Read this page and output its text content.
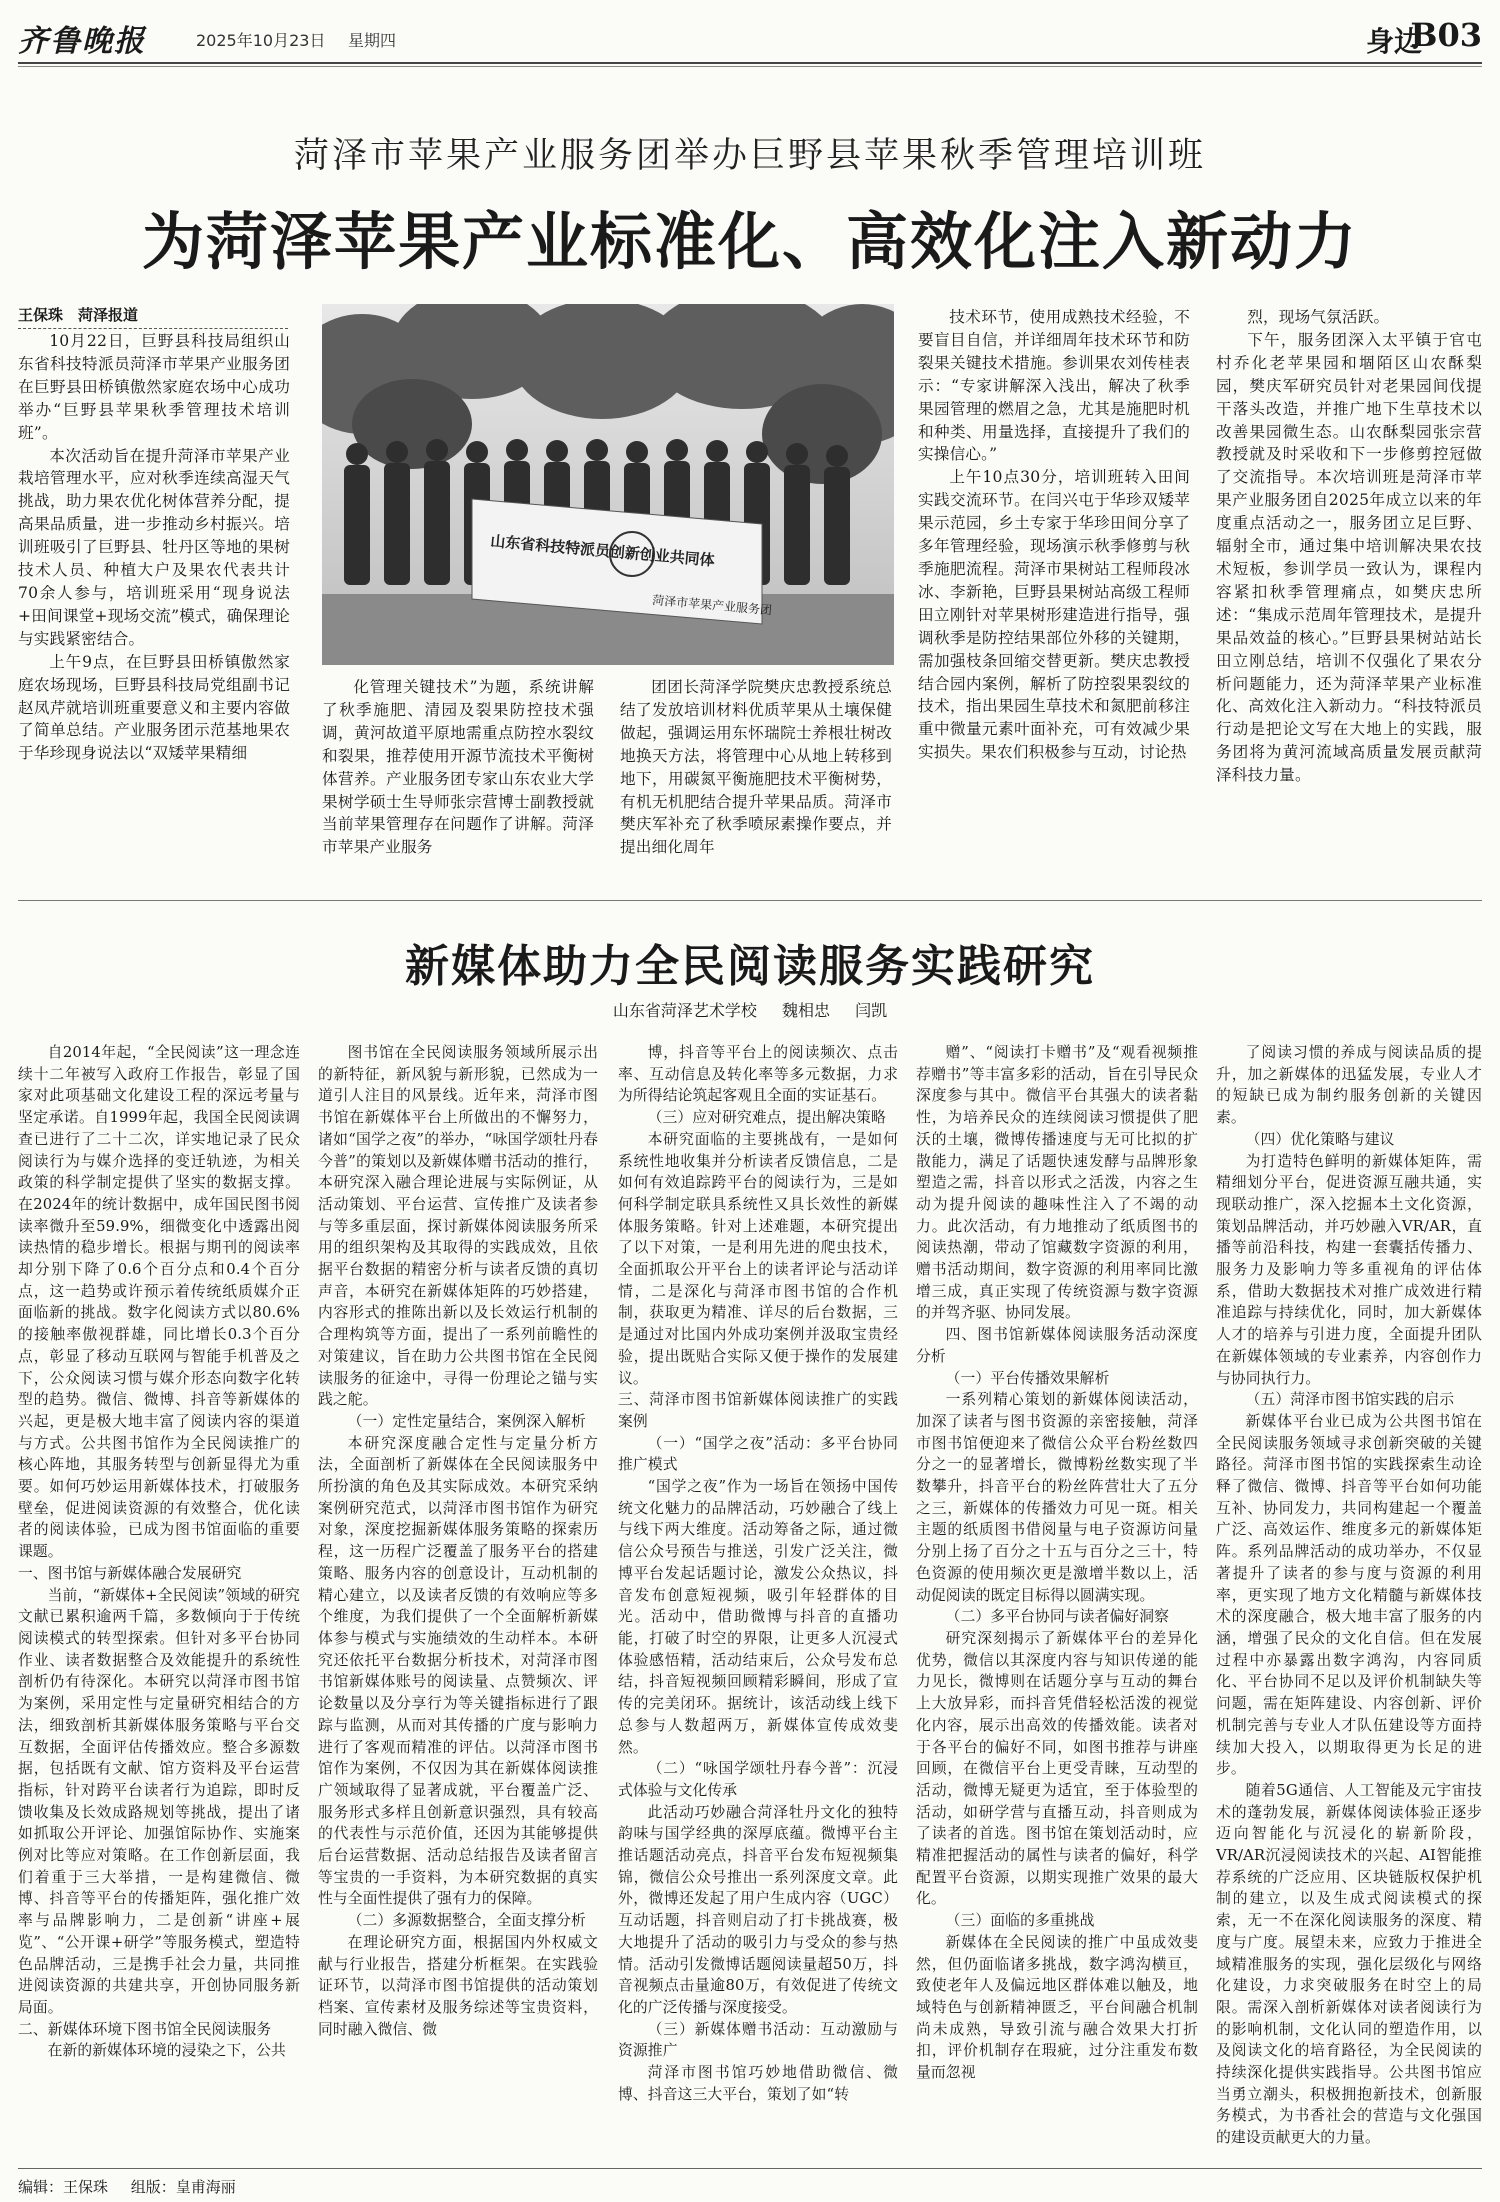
齐鲁晚报	2025年10月23日 星期四	身边
B03
菏泽市苹果产业服务团举办巨野县苹果秋季管理培训班
为菏泽苹果产业标准化、高效化注入新动力
王保珠　菏泽报道
山东省科技特派员创新创业共同体
菏泽市苹果产业服务团

10月22日，巨野县科技局组织山东省科技特派员菏泽市苹果产业服务团在巨野县田桥镇傲然家庭农场中心成功举办“巨野县苹果秋季管理技术培训班”。

本次活动旨在提升菏泽市苹果产业栽培管理水平，应对秋季连续高湿天气挑战，助力果农优化树体营养分配，提高果品质量，进一步推动乡村振兴。培训班吸引了巨野县、牡丹区等地的果树技术人员、种植大户及果农代表共计70余人参与，培训班采用“现身说法+田间课堂+现场交流”模式，确保理论与实践紧密结合。

上午9点，在巨野县田桥镇傲然家庭农场现场，巨野县科技局党组副书记赵凤芹就培训班重要意义和主要内容做了简单总结。产业服务团示范基地果农于华珍现身说法以“双矮苹果精细

化管理关键技术”为题，系统讲解了秋季施肥、清园及裂果防控技术强调，黄河故道平原地需重点防控水裂纹和裂果，推荐使用开源节流技术平衡树体营养。产业服务团专家山东农业大学果树学硕士生导师张宗营博士副教授就当前苹果管理存在问题作了讲解。菏泽市苹果产业服务

团团长菏泽学院樊庆忠教授系统总结了发放培训材料优质苹果从土壤保健做起，强调运用东怀瑞院士养根壮树改地换天方法，将管理中心从地上转移到地下，用碳氮平衡施肥技术平衡树势，有机无机肥结合提升苹果品质。菏泽市樊庆军补充了秋季喷尿素操作要点，并提出细化周年

技术环节，使用成熟技术经验，不要盲目自信，并详细周年技术环节和防裂果关键技术措施。参训果农刘传桂表示：“专家讲解深入浅出，解决了秋季果园管理的燃眉之急，尤其是施肥时机和种类、用量选择，直接提升了我们的实操信心。”

上午10点30分，培训班转入田间实践交流环节。在闫兴屯于华珍双矮苹果示范园，乡土专家于华珍田间分享了多年管理经验，现场演示秋季修剪与秋季施肥流程。菏泽市果树站工程师段冰冰、李新艳，巨野县果树站高级工程师田立刚针对苹果树形建造进行指导，强调秋季是防控结果部位外移的关键期，需加强枝条回缩交替更新。樊庆忠教授结合园内案例，解析了防控裂果裂纹的技术，指出果园生草技术和氮肥前移注重中微量元素叶面补充，可有效减少果实损失。果农们积极参与互动，讨论热

烈，现场气氛活跃。

下午，服务团深入太平镇于官屯村乔化老苹果园和堌陌区山农酥梨园，樊庆军研究员针对老果园间伐提干落头改造，并推广地下生草技术以改善果园微生态。山农酥梨园张宗营教授就及时采收和下一步修剪控冠做了交流指导。本次培训班是菏泽市苹果产业服务团自2025年成立以来的年度重点活动之一，服务团立足巨野、辐射全市，通过集中培训解决果农技术短板，参训学员一致认为，课程内容紧扣秋季管理痛点，如樊庆忠所述：“集成示范周年管理技术，是提升果品效益的核心。”巨野县果树站站长田立刚总结，培训不仅强化了果农分析问题能力，还为菏泽苹果产业标准化、高效化注入新动力。“科技特派员行动是把论文写在大地上的实践，服务团将为黄河流域高质量发展贡献菏泽科技力量。

新媒体助力全民阅读服务实践研究
山东省菏泽艺术学校 魏相忠 闫凯

自2014年起，“全民阅读”这一理念连续十二年被写入政府工作报告，彰显了国家对此项基础文化建设工程的深远考量与坚定承诺。自1999年起，我国全民阅读调查已进行了二十二次，详实地记录了民众阅读行为与媒介选择的变迁轨迹，为相关政策的科学制定提供了坚实的数据支撑。在2024年的统计数据中，成年国民图书阅读率微升至59.9%，细微变化中透露出阅读热情的稳步增长。根据与期刊的阅读率却分别下降了0.6个百分点和0.4个百分点，这一趋势或许预示着传统纸质媒介正面临新的挑战。数字化阅读方式以80.6%的接触率傲视群雄，同比增长0.3个百分点，彰显了移动互联网与智能手机普及之下，公众阅读习惯与媒介形态向数字化转型的趋势。微信、微博、抖音等新媒体的兴起，更是极大地丰富了阅读内容的渠道与方式。公共图书馆作为全民阅读推广的核心阵地，其服务转型与创新显得尤为重要。如何巧妙运用新媒体技术，打破服务壁垒，促进阅读资源的有效整合，优化读者的阅读体验，已成为图书馆面临的重要课题。

一、图书馆与新媒体融合发展研究

当前，“新媒体+全民阅读”领域的研究文献已累积逾两千篇，多数倾向于于传统阅读模式的转型探索。但针对多平台协同作业、读者数据整合及效能提升的系统性剖析仍有待深化。本研究以菏泽市图书馆为案例，采用定性与定量研究相结合的方法，细致剖析其新媒体服务策略与平台交互数据，全面评估传播效应。整合多源数据，包括既有文献、馆方资料及平台运营指标，针对跨平台读者行为追踪，即时反馈收集及长效成路规划等挑战，提出了诸如抓取公开评论、加强馆际协作、实施案例对比等应对策略。在工作创新层面，我们着重于三大举措，一是构建微信、微博、抖音等平台的传播矩阵，强化推广效率与品牌影响力，二是创新“讲座+展览”、“公开课+研学”等服务模式，塑造特色品牌活动，三是携手社会力量，共同推进阅读资源的共建共享，开创协同服务新局面。

二、新媒体环境下图书馆全民阅读服务

在新的新媒体环境的浸染之下，公共

图书馆在全民阅读服务领域所展示出的新特征，新风貌与新形貌，已然成为一道引人注目的风景线。近年来，菏泽市图书馆在新媒体平台上所做出的不懈努力，诸如“国学之夜”的举办，“咏国学颂牡丹春今普”的策划以及新媒体赠书活动的推行，本研究深入融合理论进展与实际例证，从活动策划、平台运营、宣传推广及读者参与等多重层面，探讨新媒体阅读服务所采用的组织架构及其取得的实践成效，且依据平台数据的精密分析与读者反馈的真切声音，本研究在新媒体矩阵的巧妙搭建，内容形式的推陈出新以及长效运行机制的合理构筑等方面，提出了一系列前瞻性的对策建议，旨在助力公共图书馆在全民阅读服务的征途中，寻得一份理论之锚与实践之舵。

（一）定性定量结合，案例深入解析

本研究深度融合定性与定量分析方法，全面剖析了新媒体在全民阅读服务中所扮演的角色及其实际成效。本研究采纳案例研究范式，以菏泽市图书馆作为研究对象，深度挖掘新媒体服务策略的探索历程，这一历程广泛覆盖了服务平台的搭建策略、服务内容的创意设计，互动机制的精心建立，以及读者反馈的有效响应等多个维度，为我们提供了一个全面解析新媒体参与模式与实施绩效的生动样本。本研究还依托平台数据分析技术，对菏泽市图书馆新媒体账号的阅读量、点赞频次、评论数量以及分享行为等关键指标进行了跟踪与监测，从而对其传播的广度与影响力进行了客观而精准的评估。以菏泽市图书馆作为案例，不仅因为其在新媒体阅读推广领域取得了显著成就，平台覆盖广泛、服务形式多样且创新意识强烈，具有较高的代表性与示范价值，还因为其能够提供后台运营数据、活动总结报告及读者留言等宝贵的一手资料，为本研究数据的真实性与全面性提供了强有力的保障。

（二）多源数据整合，全面支撑分析

在理论研究方面，根据国内外权威文献与行业报告，搭建分析框架。在实践验证环节，以菏泽市图书馆提供的活动策划档案、宣传素材及服务综述等宝贵资料，同时融入微信、微

博，抖音等平台上的阅读频次、点击率、互动信息及转化率等多元数据，力求为所得结论筑起客观且全面的实证基石。

（三）应对研究难点，提出解决策略

本研究面临的主要挑战有，一是如何系统性地收集并分析读者反馈信息，二是如何有效追踪跨平台的阅读行为，三是如何科学制定联具系统性又具长效性的新媒体服务策略。针对上述难题，本研究提出了以下对策，一是利用先进的爬虫技术，全面抓取公开平台上的读者评论与活动详情，二是深化与菏泽市图书馆的合作机制，获取更为精准、详尽的后台数据，三是通过对比国内外成功案例并汲取宝贵经验，提出既贴合实际又便于操作的发展建议。

三、菏泽市图书馆新媒体阅读推广的实践案例

（一）“国学之夜”活动：多平台协同推广模式

“国学之夜”作为一场旨在领扬中国传统文化魅力的品牌活动，巧妙融合了线上与线下两大维度。活动筹备之际，通过微信公众号预告与推送，引发广泛关注，微博平台发起话题讨论，激发公众热议，抖音发布创意短视频，吸引年轻群体的目光。活动中，借助微博与抖音的直播功能，打破了时空的界限，让更多人沉浸式体验感悟精，活动结束后，公众号发布总结，抖音短视频回顾精彩瞬间，形成了宣传的完美闭环。据统计，该活动线上线下总参与人数超两万，新媒体宣传成效斐然。

（二）“咏国学颂牡丹春今普”：沉浸式体验与文化传承

此活动巧妙融合菏泽牡丹文化的独特韵味与国学经典的深厚底蕴。微博平台主推话题活动亮点，抖音平台发布短视频集锦，微信公众号推出一系列深度文章。此外，微博还发起了用户生成内容（UGC）互动话题，抖音则启动了打卡挑战赛，极大地提升了活动的吸引力与受众的参与热情。活动引发微博话题阅读量超50万，抖音视频点击量逾80万，有效促进了传统文化的广泛传播与深度接受。

（三）新媒体赠书活动：互动激励与资源推广

菏泽市图书馆巧妙地借助微信、微博、抖音这三大平台，策划了如“转

赠”、“阅读打卡赠书”及“观看视频推荐赠书”等丰富多彩的活动，旨在引导民众深度参与其中。微信平台其强大的读者黏性，为培养民众的连续阅读习惯提供了肥沃的土壤，微博传播速度与无可比拟的扩散能力，满足了话题快速发酵与品牌形象塑造之需，抖音以形式之活泼，内容之生动为提升阅读的趣味性注入了不竭的动力。此次活动，有力地推动了纸质图书的阅读热潮，带动了馆藏数字资源的利用，赠书活动期间，数字资源的利用率同比激增三成，真正实现了传统资源与数字资源的并驾齐驱、协同发展。

四、图书馆新媒体阅读服务活动深度分析

（一）平台传播效果解析

一系列精心策划的新媒体阅读活动，加深了读者与图书资源的亲密接触，菏泽市图书馆便迎来了微信公众平台粉丝数四分之一的显著增长，微博粉丝数实现了半数攀升，抖音平台的粉丝阵营壮大了五分之三，新媒体的传播效力可见一斑。相关主题的纸质图书借阅量与电子资源访问量分别上扬了百分之十五与百分之三十，特色资源的使用频次更是激增半数以上，活动促阅读的既定目标得以圆满实现。

（二）多平台协同与读者偏好洞察

研究深刻揭示了新媒体平台的差异化优势，微信以其深度内容与知识传递的能力见长，微博则在话题分享与互动的舞台上大放异彩，而抖音凭借轻松活泼的视觉化内容，展示出高效的传播效能。读者对于各平台的偏好不同，如图书推荐与讲座回顾，在微信平台上更受青睐，互动型的活动，微博无疑更为适宜，至于体验型的活动，如研学营与直播互动，抖音则成为了读者的首选。图书馆在策划活动时，应精准把握活动的属性与读者的偏好，科学配置平台资源，以期实现推广效果的最大化。

（三）面临的多重挑战

新媒体在全民阅读的推广中虽成效斐然，但仍面临诸多挑战，数字鸿沟横亘，致使老年人及偏远地区群体难以触及，地域特色与创新精神匮乏，平台间融合机制尚未成熟，导致引流与融合效果大打折扣，评价机制存在瑕疵，过分注重发布数量而忽视

了阅读习惯的养成与阅读品质的提升，加之新媒体的迅猛发展，专业人才的短缺已成为制约服务创新的关键因素。

（四）优化策略与建议

为打造特色鲜明的新媒体矩阵，需精细划分平台，促进资源互融共通，实现联动推广，深入挖掘本土文化资源，策划品牌活动，并巧妙融入VR/AR，直播等前沿科技，构建一套囊括传播力、服务力及影响力等多重视角的评估体系，借助大数据技术对推广成效进行精准追踪与持续优化，同时，加大新媒体人才的培养与引进力度，全面提升团队在新媒体领域的专业素养，内容创作力与协同执行力。

（五）菏泽市图书馆实践的启示

新媒体平台业已成为公共图书馆在全民阅读服务领域寻求创新突破的关键路径。菏泽市图书馆的实践探索生动诠释了微信、微博、抖音等平台如何功能互补、协同发力，共同构建起一个覆盖广泛、高效运作、维度多元的新媒体矩阵。系列品牌活动的成功举办，不仅显著提升了读者的参与度与资源的利用率，更实现了地方文化精髓与新媒体技术的深度融合，极大地丰富了服务的内涵，增强了民众的文化自信。但在发展过程中亦暴露出数字鸿沟，内容同质化、平台协同不足以及评价机制缺失等问题，需在矩阵建设、内容创新、评价机制完善与专业人才队伍建设等方面持续加大投入，以期取得更为长足的进步。

随着5G通信、人工智能及元宇宙技术的蓬勃发展，新媒体阅读体验正逐步迈向智能化与沉浸化的崭新阶段，VR/AR沉浸阅读技术的兴起、AI智能推荐系统的广泛应用、区块链版权保护机制的建立，以及生成式阅读模式的探索，无一不在深化阅读服务的深度、精度与广度。展望未来，应致力于推进全域精准服务的实现，强化层级化与网络化建设，力求突破服务在时空上的局限。需深入剖析新媒体对读者阅读行为的影响机制，文化认同的塑造作用，以及阅读文化的培育路径，为全民阅读的持续深化提供实践指导。公共图书馆应当勇立潮头，积极拥抱新技术，创新服务模式，为书香社会的营造与文化强国的建设贡献更大的力量。

编辑：王保珠 组版：皇甫海丽
